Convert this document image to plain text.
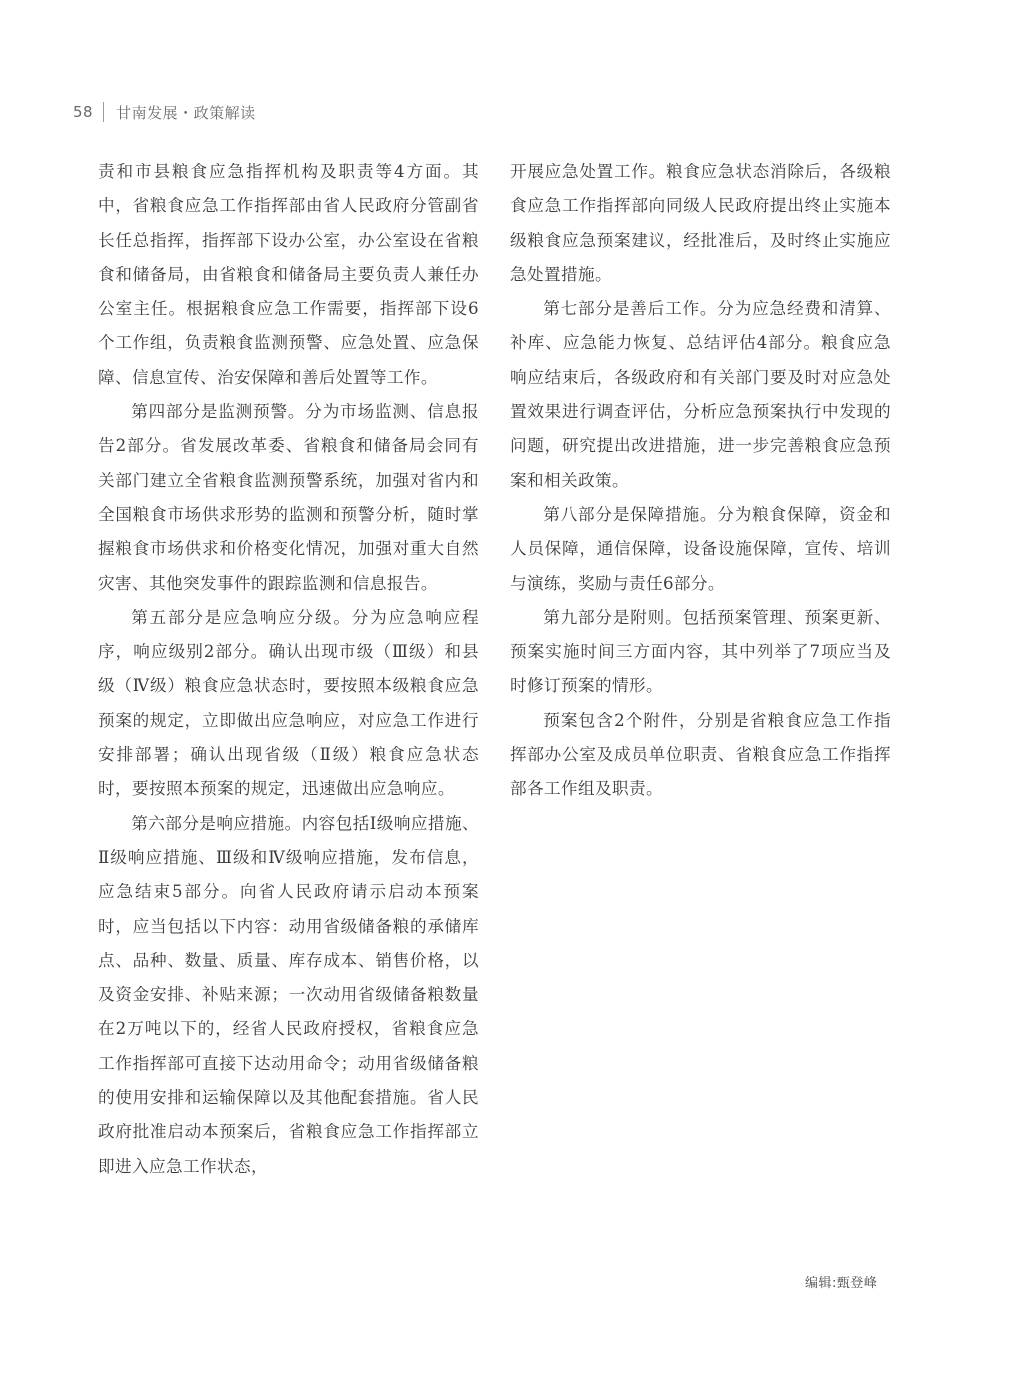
58 甘南发展・政策解读

责和市县粮食应急指挥机构及职责等4方面。其中，省粮食应急工作指挥部由省人民政府分管副省长任总指挥，指挥部下设办公室，办公室设在省粮食和储备局，由省粮食和储备局主要负责人兼任办公室主任。根据粮食应急工作需要，指挥部下设6个工作组，负责粮食监测预警、应急处置、应急保障、信息宣传、治安保障和善后处置等工作。

第四部分是监测预警。分为市场监测、信息报告2部分。省发展改革委、省粮食和储备局会同有关部门建立全省粮食监测预警系统，加强对省内和全国粮食市场供求形势的监测和预警分析，随时掌握粮食市场供求和价格变化情况，加强对重大自然灾害、其他突发事件的跟踪监测和信息报告。

第五部分是应急响应分级。分为应急响应程序，响应级别2部分。确认出现市级（Ⅲ级）和县级（Ⅳ级）粮食应急状态时，要按照本级粮食应急预案的规定，立即做出应急响应，对应急工作进行安排部署；确认出现省级（Ⅱ级）粮食应急状态时，要按照本预案的规定，迅速做出应急响应。

第六部分是响应措施。内容包括Ⅰ级响应措施、Ⅱ级响应措施、Ⅲ级和Ⅳ级响应措施，发布信息，应急结束5部分。向省人民政府请示启动本预案时，应当包括以下内容：动用省级储备粮的承储库点、品种、数量、质量、库存成本、销售价格，以及资金安排、补贴来源；一次动用省级储备粮数量在2万吨以下的，经省人民政府授权，省粮食应急工作指挥部可直接下达动用命令；动用省级储备粮的使用安排和运输保障以及其他配套措施。省人民政府批准启动本预案后，省粮食应急工作指挥部立即进入应急工作状态，

开展应急处置工作。粮食应急状态消除后，各级粮食应急工作指挥部向同级人民政府提出终止实施本级粮食应急预案建议，经批准后，及时终止实施应急处置措施。

第七部分是善后工作。分为应急经费和清算、补库、应急能力恢复、总结评估4部分。粮食应急响应结束后，各级政府和有关部门要及时对应急处置效果进行调查评估，分析应急预案执行中发现的问题，研究提出改进措施，进一步完善粮食应急预案和相关政策。

第八部分是保障措施。分为粮食保障，资金和人员保障，通信保障，设备设施保障，宣传、培训与演练，奖励与责任6部分。

第九部分是附则。包括预案管理、预案更新、预案实施时间三方面内容，其中列举了7项应当及时修订预案的情形。

预案包含2个附件，分别是省粮食应急工作指挥部办公室及成员单位职责、省粮食应急工作指挥部各工作组及职责。

编辑:甄登峰
